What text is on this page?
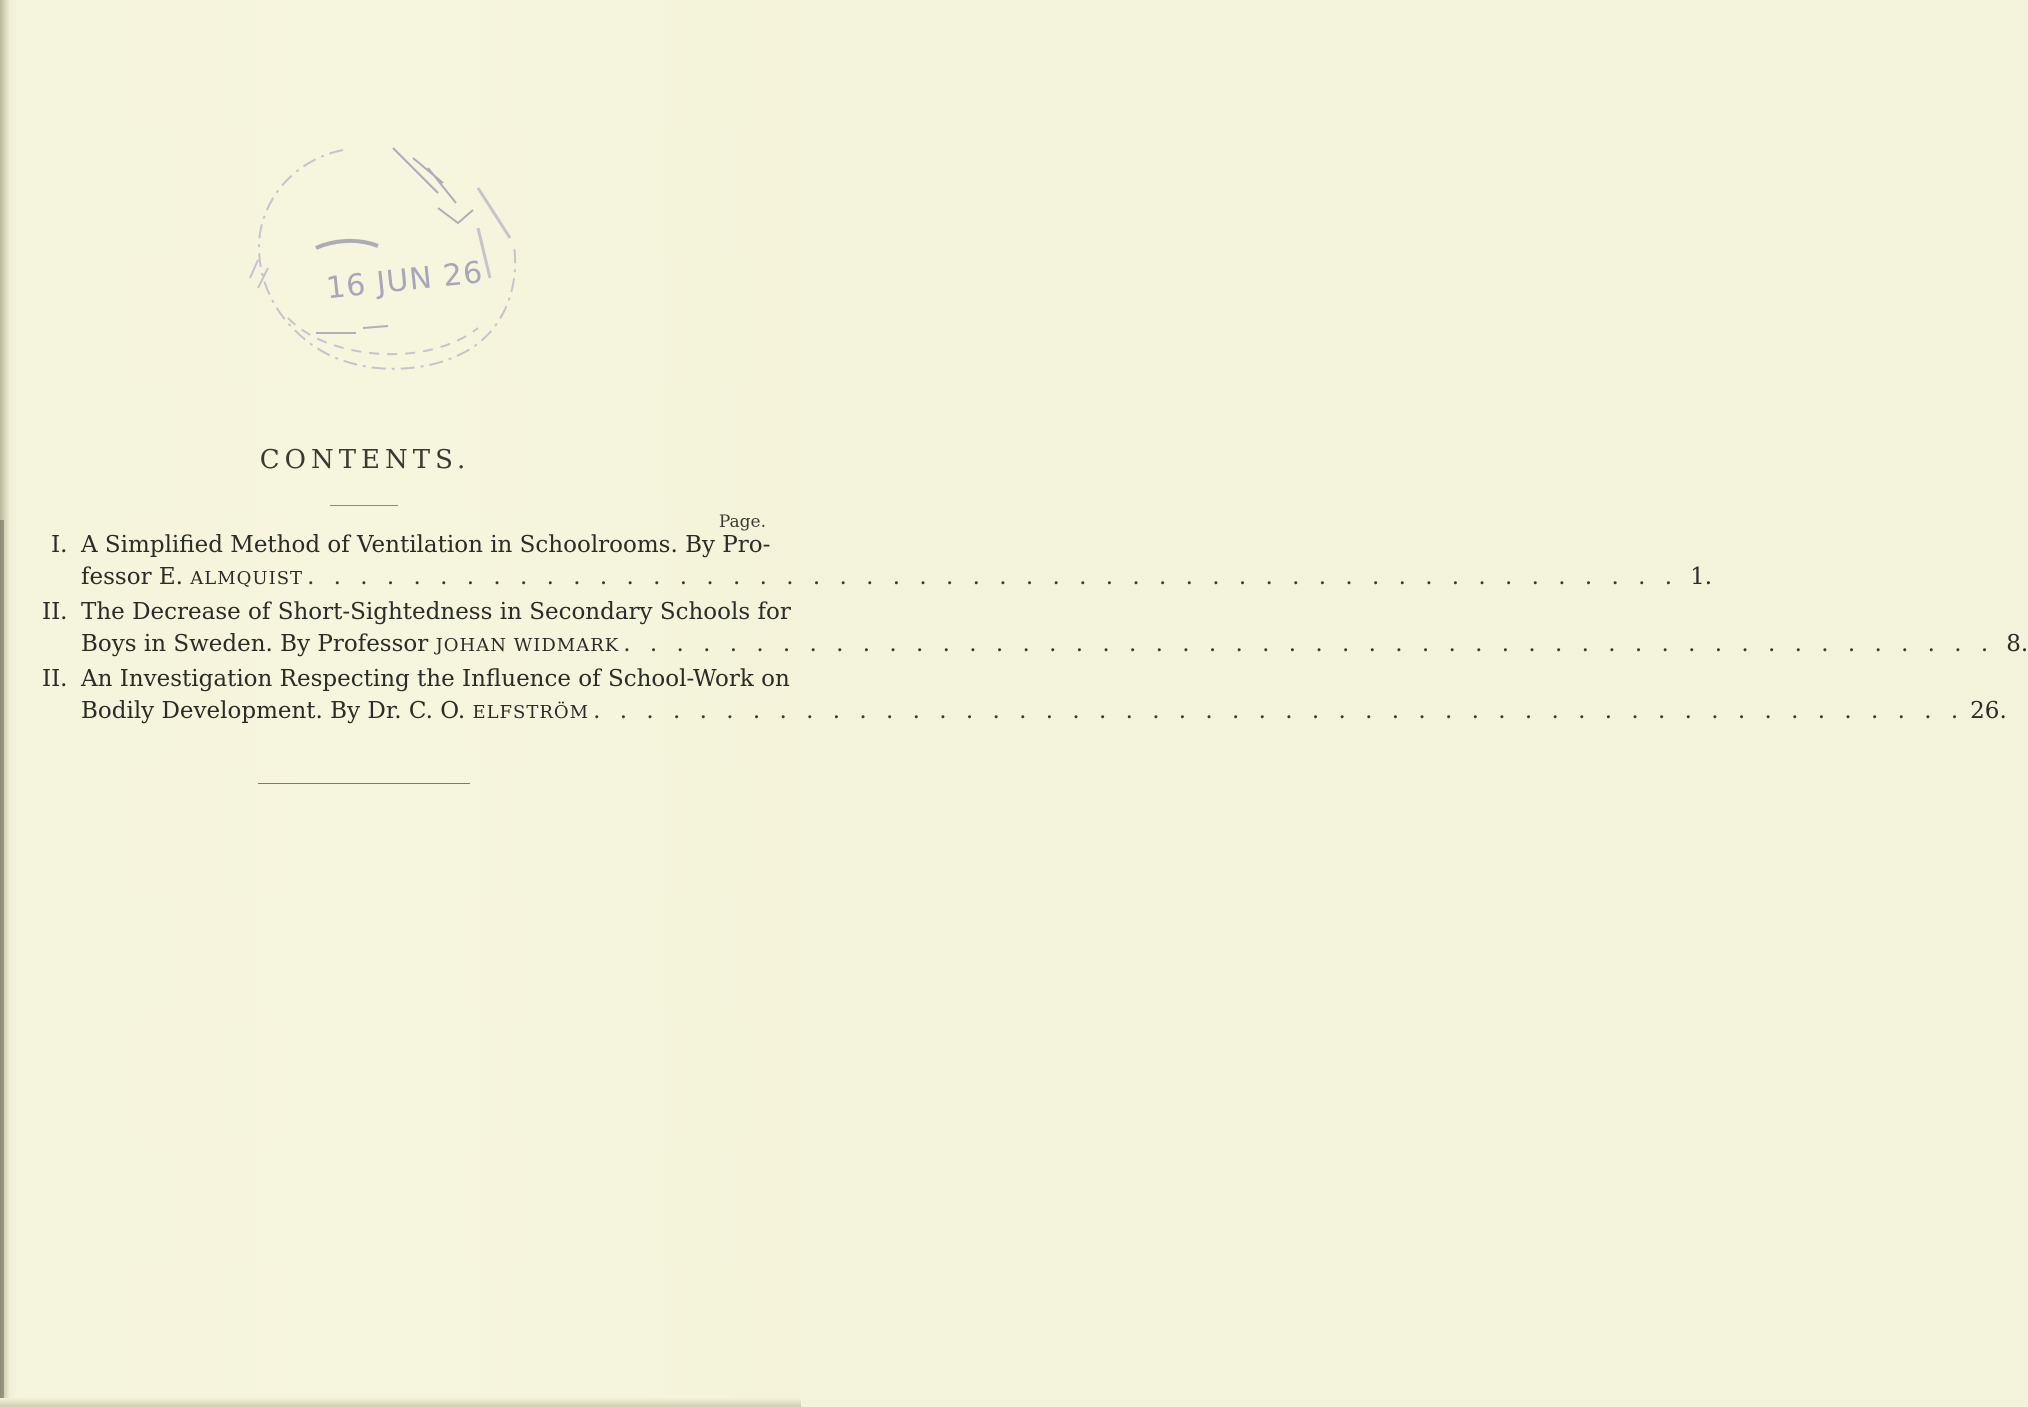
16 JUN 26
CONTENTS.
Page.
I. A Simplified Method of Ventilation in Schoolrooms. By Pro-
fessor E. ALMQUIST . . . . . . . . . . . . . . . . . . . . . . . . . . . . . . . . . . . . . . . . . . . . . . . . . . . . 1.
II. The Decrease of Short-Sightedness in Secondary Schools for
Boys in Sweden. By Professor JOHAN WIDMARK . . . . . . . . . . . . . . . . . . . . . . . . . . . . . . . . . . . . . . . . . . . . . . . . . . . . 8.
II. An Investigation Respecting the Influence of School-Work on
Bodily Development. By Dr. C. O. ELFSTRÖM . . . . . . . . . . . . . . . . . . . . . . . . . . . . . . . . . . . . . . . . . . . . . . . . . . . . 26.
